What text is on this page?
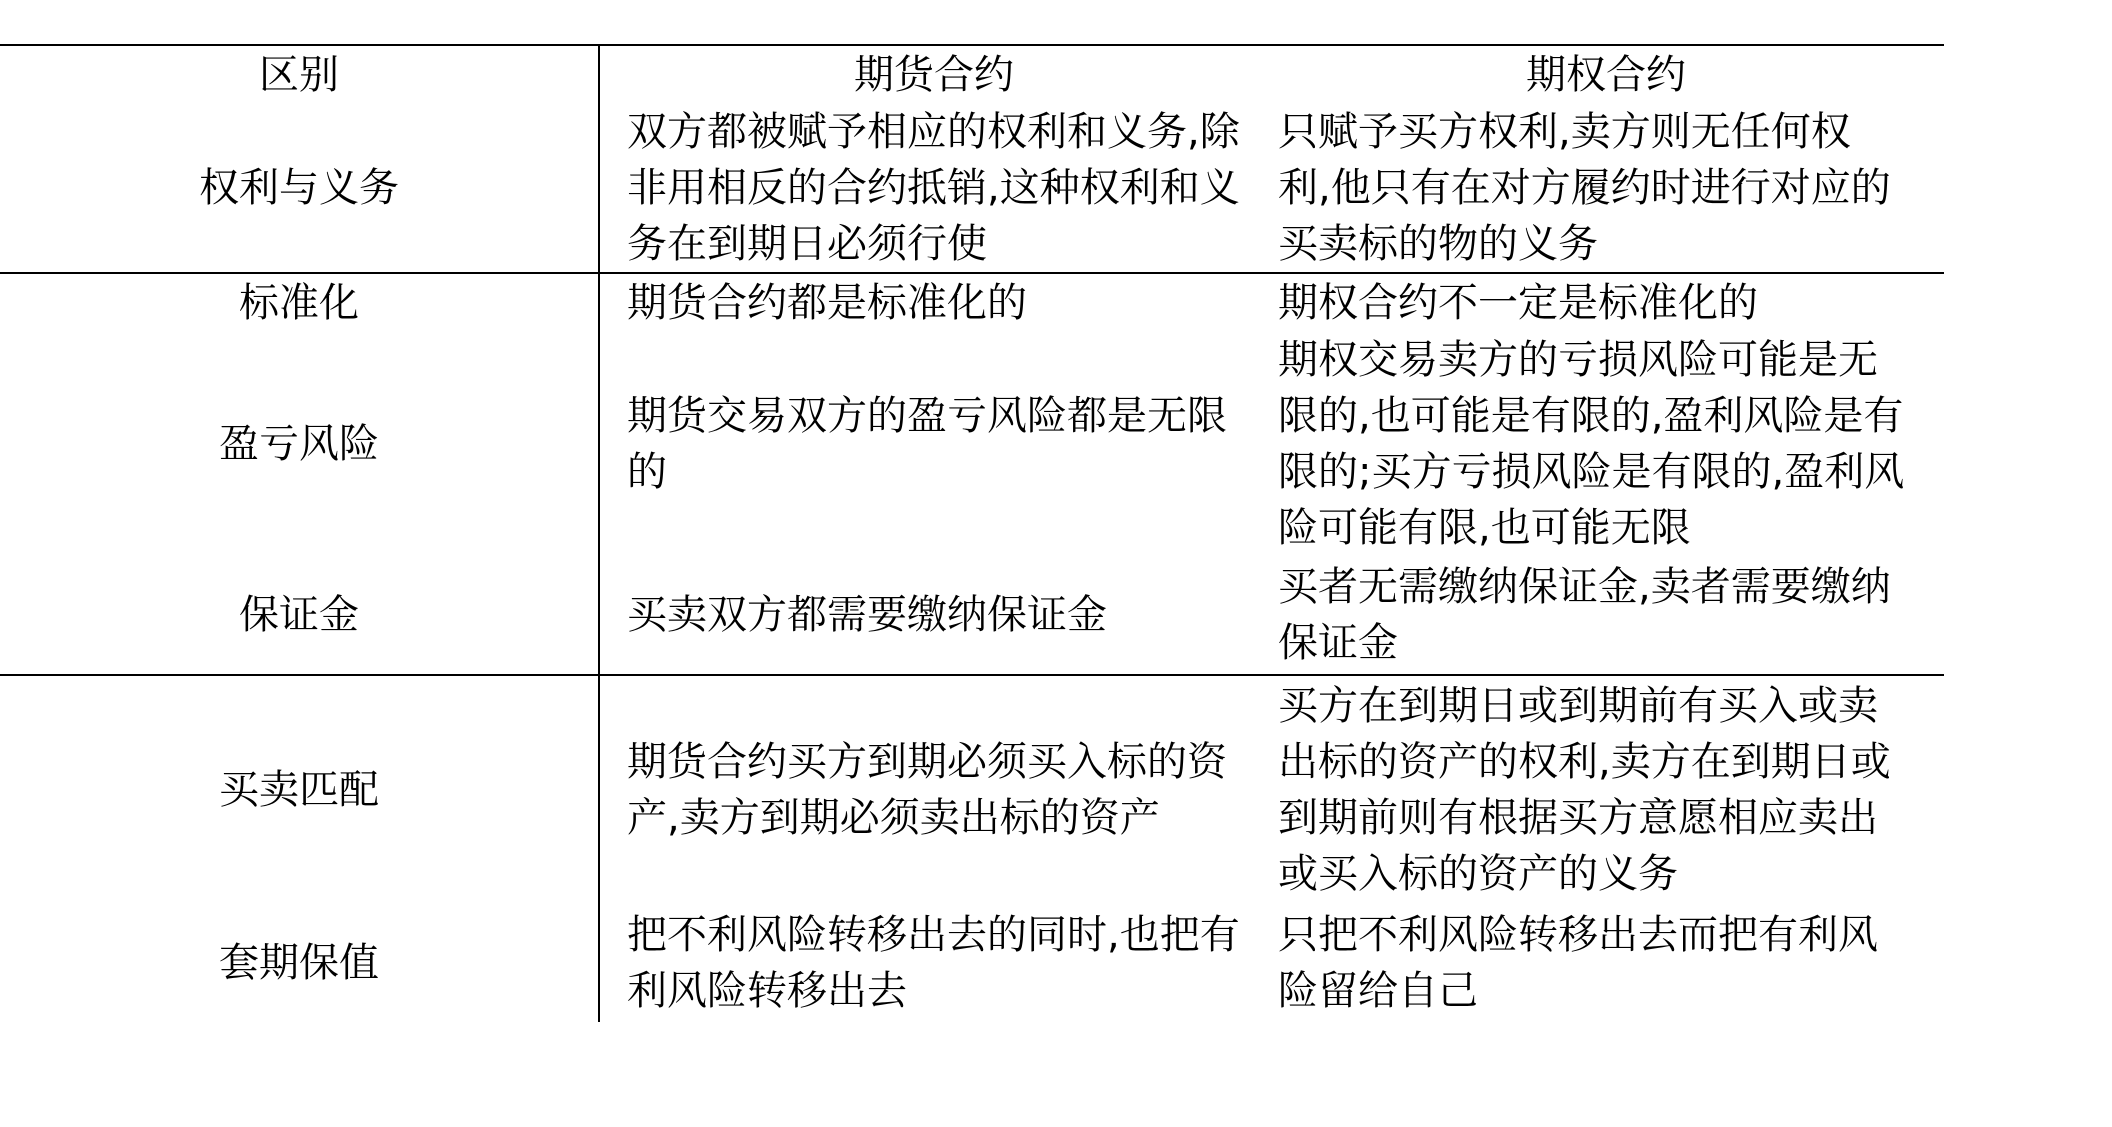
区别	期货合约	期权合约
权利与义务	双方都被赋予相应的权利和义务,除非用相反的合约抵销,这种权利和义务在到期日必须行使	只赋予买方权利,卖方则无任何权利,他只有在对方履约时进行对应的买卖标的物的义务

标准化	期货合约都是标准化的	期权合约不一定是标准化的

盈亏风险	期货交易双方的盈亏风险都是无限的	期权交易卖方的亏损风险可能是无限的,也可能是有限的,盈利风险是有限的;买方亏损风险是有限的,盈利风险可能有限,也可能无限

保证金	买卖双方都需要缴纳保证金	买者无需缴纳保证金,卖者需要缴纳保证金

买卖匹配	期货合约买方到期必须买入标的资产,卖方到期必须卖出标的资产	买方在到期日或到期前有买入或卖出标的资产的权利,卖方在到期日或到期前则有根据买方意愿相应卖出或买入标的资产的义务

套期保值	把不利风险转移出去的同时,也把有利风险转移出去	只把不利风险转移出去而把有利风险留给自己
